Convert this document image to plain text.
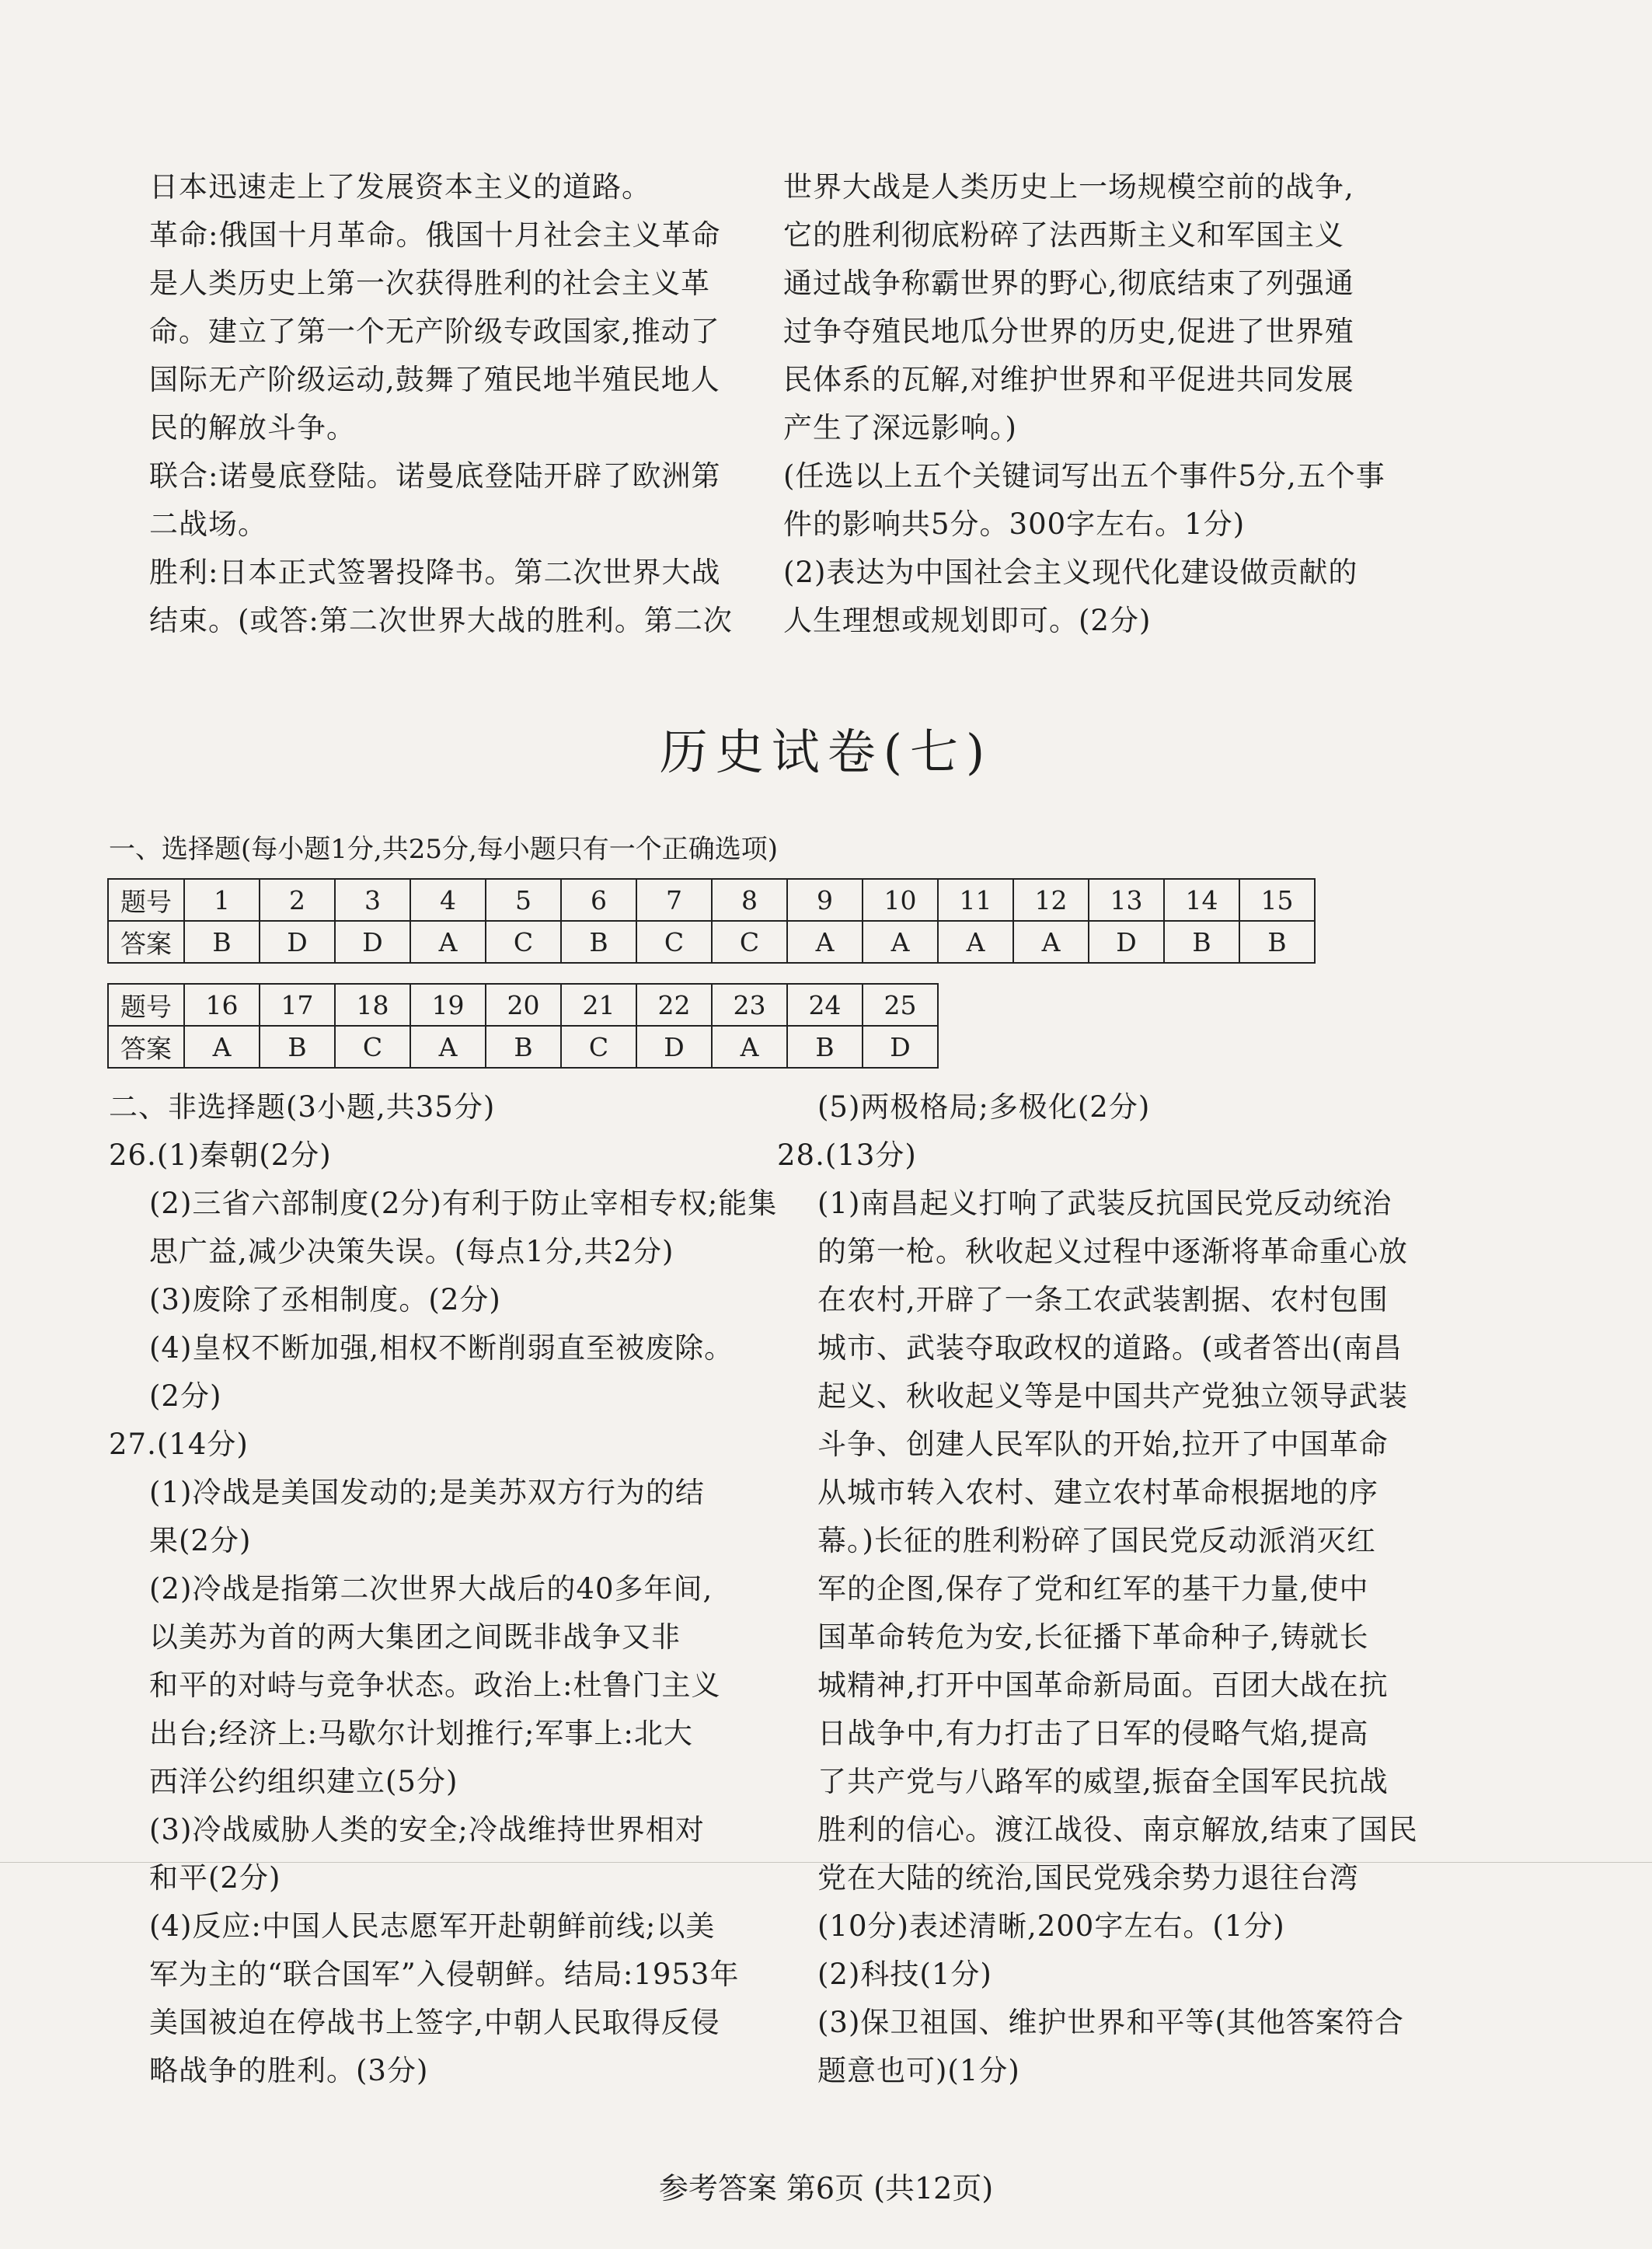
日本迅速走上了发展资本主义的道路。

革命:俄国十月革命。俄国十月社会主义革命

是人类历史上第一次获得胜利的社会主义革

命。建立了第一个无产阶级专政国家,推动了

国际无产阶级运动,鼓舞了殖民地半殖民地人

民的解放斗争。

联合:诺曼底登陆。诺曼底登陆开辟了欧洲第

二战场。

胜利:日本正式签署投降书。第二次世界大战

结束。(或答:第二次世界大战的胜利。第二次

世界大战是人类历史上一场规模空前的战争,

它的胜利彻底粉碎了法西斯主义和军国主义

通过战争称霸世界的野心,彻底结束了列强通

过争夺殖民地瓜分世界的历史,促进了世界殖

民体系的瓦解,对维护世界和平促进共同发展

产生了深远影响。)

(任选以上五个关键词写出五个事件5分,五个事

件的影响共5分。300字左右。1分)

(2)表达为中国社会主义现代化建设做贡献的

人生理想或规划即可。(2分)

历史试卷(七)
一、选择题(每小题1分,共25分,每小题只有一个正确选项)
题号	1	2	3	4	5	6	7	8	9	10	11	12	13	14	15
答案	B	D	D	A	C	B	C	C	A	A	A	A	D	B	B
题号	16	17	18	19	20	21	22	23	24	25
答案	A	B	C	A	B	C	D	A	B	D

二、非选择题(3小题,共35分)

26.(1)秦朝(2分)

(2)三省六部制度(2分)有利于防止宰相专权;能集

思广益,减少决策失误。(每点1分,共2分)

(3)废除了丞相制度。(2分)

(4)皇权不断加强,相权不断削弱直至被废除。

(2分)

27.(14分)

(1)冷战是美国发动的;是美苏双方行为的结

果(2分)

(2)冷战是指第二次世界大战后的40多年间,

以美苏为首的两大集团之间既非战争又非

和平的对峙与竞争状态。政治上:杜鲁门主义

出台;经济上:马歇尔计划推行;军事上:北大

西洋公约组织建立(5分)

(3)冷战威胁人类的安全;冷战维持世界相对

和平(2分)

(4)反应:中国人民志愿军开赴朝鲜前线;以美

军为主的“联合国军”入侵朝鲜。结局:1953年

美国被迫在停战书上签字,中朝人民取得反侵

略战争的胜利。(3分)

(5)两极格局;多极化(2分)

28.(13分)

(1)南昌起义打响了武装反抗国民党反动统治

的第一枪。秋收起义过程中逐渐将革命重心放

在农村,开辟了一条工农武装割据、农村包围

城市、武装夺取政权的道路。(或者答出(南昌

起义、秋收起义等是中国共产党独立领导武装

斗争、创建人民军队的开始,拉开了中国革命

从城市转入农村、建立农村革命根据地的序

幕。)长征的胜利粉碎了国民党反动派消灭红

军的企图,保存了党和红军的基干力量,使中

国革命转危为安,长征播下革命种子,铸就长

城精神,打开中国革命新局面。百团大战在抗

日战争中,有力打击了日军的侵略气焰,提高

了共产党与八路军的威望,振奋全国军民抗战

胜利的信心。渡江战役、南京解放,结束了国民

党在大陆的统治,国民党残余势力退往台湾

(10分)表述清晰,200字左右。(1分)

(2)科技(1分)

(3)保卫祖国、维护世界和平等(其他答案符合

题意也可)(1分)

参考答案 第6页 (共12页)
